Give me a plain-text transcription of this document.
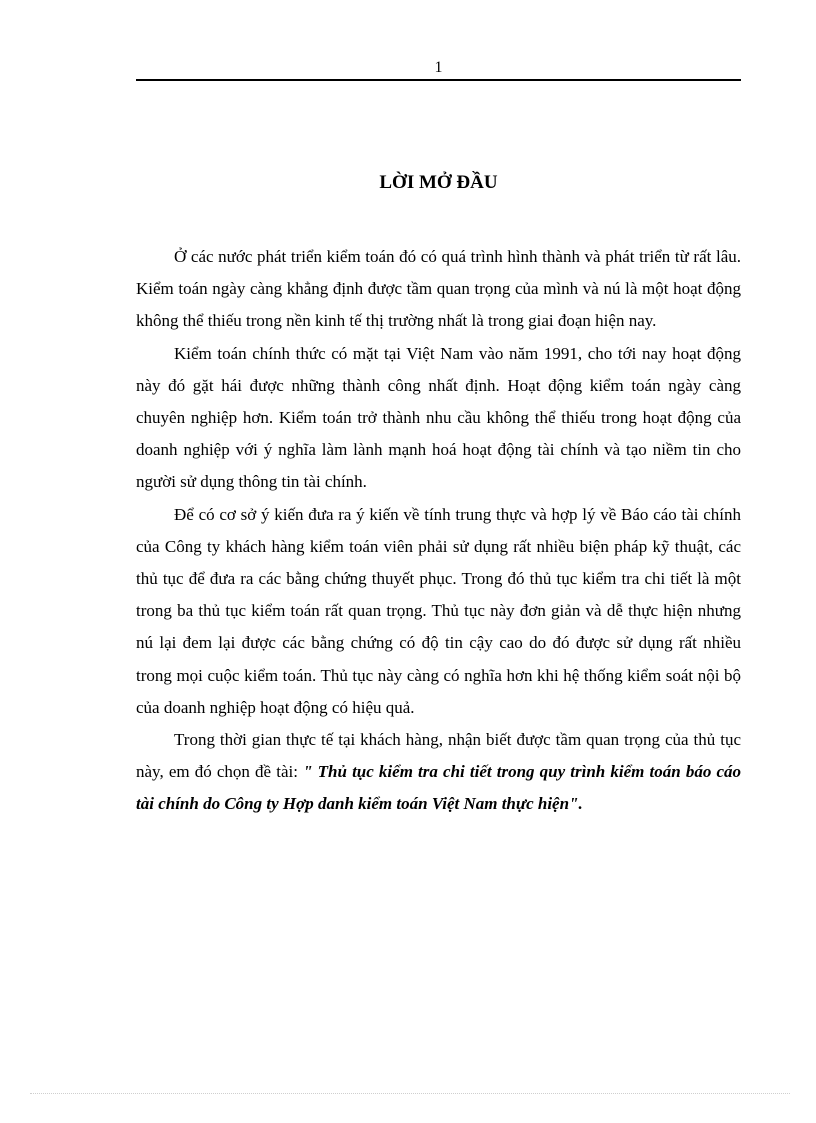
1
LỜI MỞ ĐẦU

Ở các nước phát triển kiểm toán đó có quá trình hình thành và phát triển từ rất lâu. Kiểm toán ngày càng khẳng định được tầm quan trọng của mình và nú là một hoạt động không thể thiếu trong nền kinh tế thị trường nhất là trong giai đoạn hiện nay.

Kiểm toán chính thức có mặt tại Việt Nam vào năm 1991, cho tới nay hoạt động này đó gặt hái được những thành công nhất định. Hoạt động kiểm toán ngày càng chuyên nghiệp hơn. Kiểm toán trở thành nhu cầu không thể thiếu trong hoạt động của doanh nghiệp với ý nghĩa làm lành mạnh hoá hoạt động tài chính và tạo niềm tin cho người sử dụng thông tin tài chính.

Để có cơ sở ý kiến đưa ra ý kiến về tính trung thực và hợp lý về Báo cáo tài chính của Công ty khách hàng kiểm toán viên phải sử dụng rất nhiều biện pháp kỹ thuật, các thủ tục để đưa ra các bằng chứng thuyết phục. Trong đó thủ tục kiểm tra chi tiết là một trong ba thủ tục kiểm toán rất quan trọng. Thủ tục này đơn giản và dễ thực hiện nhưng nú lại đem lại được các bằng chứng có độ tin cậy cao do đó được sử dụng rất nhiều trong mọi cuộc kiểm toán. Thủ tục này càng có nghĩa hơn khi hệ thống kiểm soát nội bộ của doanh nghiệp hoạt động có hiệu quả.

Trong thời gian thực tế tại khách hàng, nhận biết được tầm quan trọng của thủ tục này, em đó chọn đề tài: " Thủ tục kiểm tra chi tiết trong quy trình kiểm toán báo cáo tài chính do Công ty Hợp danh kiểm toán Việt Nam thực hiện".
